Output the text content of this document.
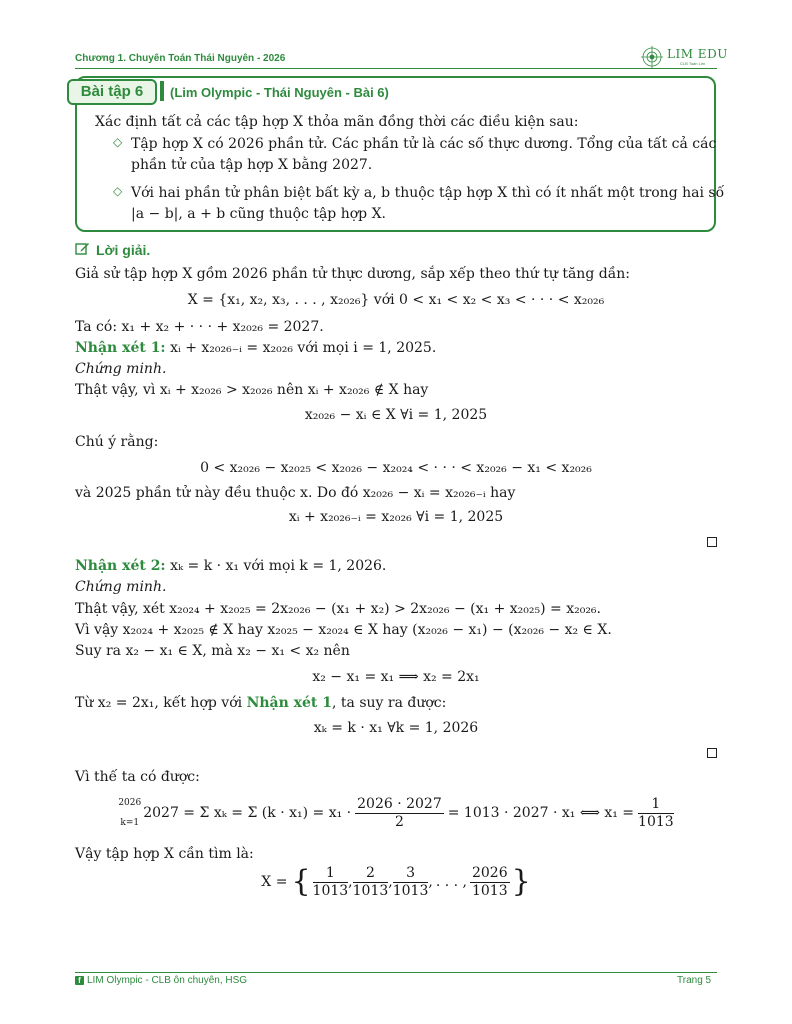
Chương 1. Chuyên Toán Thái Nguyên - 2026	LIM EDU
CLB Toán Lim
Bài tập 6	(Lim Olympic - Thái Nguyên - Bài 6)
Xác định tất cả các tập hợp X thỏa mãn đồng thời các điều kiện sau:
◇ Tập hợp X có 2026 phần tử. Các phần tử là các số thực dương. Tổng của tất cả các
phần tử của tập hợp X bằng 2027.
◇ Với hai phần tử phân biệt bất kỳ a, b thuộc tập hợp X thì có ít nhất một trong hai số
|a − b|, a + b cũng thuộc tập hợp X.
Lời giải.
Giả sử tập hợp X gồm 2026 phần tử thực dương, sắp xếp theo thứ tự tăng dần:
X = {x₁, x₂, x₃, . . . , x₂₀₂₆} với 0 < x₁ < x₂ < x₃ < · · · < x₂₀₂₆
Ta có: x₁ + x₂ + · · · + x₂₀₂₆ = 2027.
Nhận xét 1: xᵢ + x₂₀₂₆₋ᵢ = x₂₀₂₆ với mọi i = 1, 2025.
Chứng minh.
Thật vậy, vì xᵢ + x₂₀₂₆ > x₂₀₂₆ nên xᵢ + x₂₀₂₆ ∉ X hay
x₂₀₂₆ − xᵢ ∈ X ∀i = 1, 2025
Chú ý rằng:
0 < x₂₀₂₆ − x₂₀₂₅ < x₂₀₂₆ − x₂₀₂₄ < · · · < x₂₀₂₆ − x₁ < x₂₀₂₆
và 2025 phần tử này đều thuộc x. Do đó x₂₀₂₆ − xᵢ = x₂₀₂₆₋ᵢ hay
xᵢ + x₂₀₂₆₋ᵢ = x₂₀₂₆ ∀i = 1, 2025
Nhận xét 2: xₖ = k · x₁ với mọi k = 1, 2026.
Chứng minh.
Thật vậy, xét x₂₀₂₄ + x₂₀₂₅ = 2x₂₀₂₆ − (x₁ + x₂) > 2x₂₀₂₆ − (x₁ + x₂₀₂₅) = x₂₀₂₆.
Vì vậy x₂₀₂₄ + x₂₀₂₅ ∉ X hay x₂₀₂₅ − x₂₀₂₄ ∈ X hay (x₂₀₂₆ − x₁) − (x₂₀₂₆ − x₂ ∈ X.
Suy ra x₂ − x₁ ∈ X, mà x₂ − x₁ < x₂ nên
x₂ − x₁ = x₁ ⟹ x₂ = 2x₁
Từ x₂ = 2x₁, kết hợp với Nhận xét 1, ta suy ra được:
xₖ = k · x₁ ∀k = 1, 2026
Vì thế ta có được:
2026
k=1
2027 = Σ xₖ = Σ $(k \cdot x_1) = x_1 \cdot \frac{2026 \cdot 2027}{2} = 1013 \cdot 2027 \cdot x_1$ ⟺ $x_1 = \frac{1}{1013}$
Vậy tập hợp X cần tìm là:
X = { $\frac{1}{1013}$ , $\frac{2}{1013}$ , $\frac{3}{1013}$ , . . . , $\frac{2026}{1013}$ }
f LIM Olympic - CLB ôn chuyên, HSG	Trang 5
